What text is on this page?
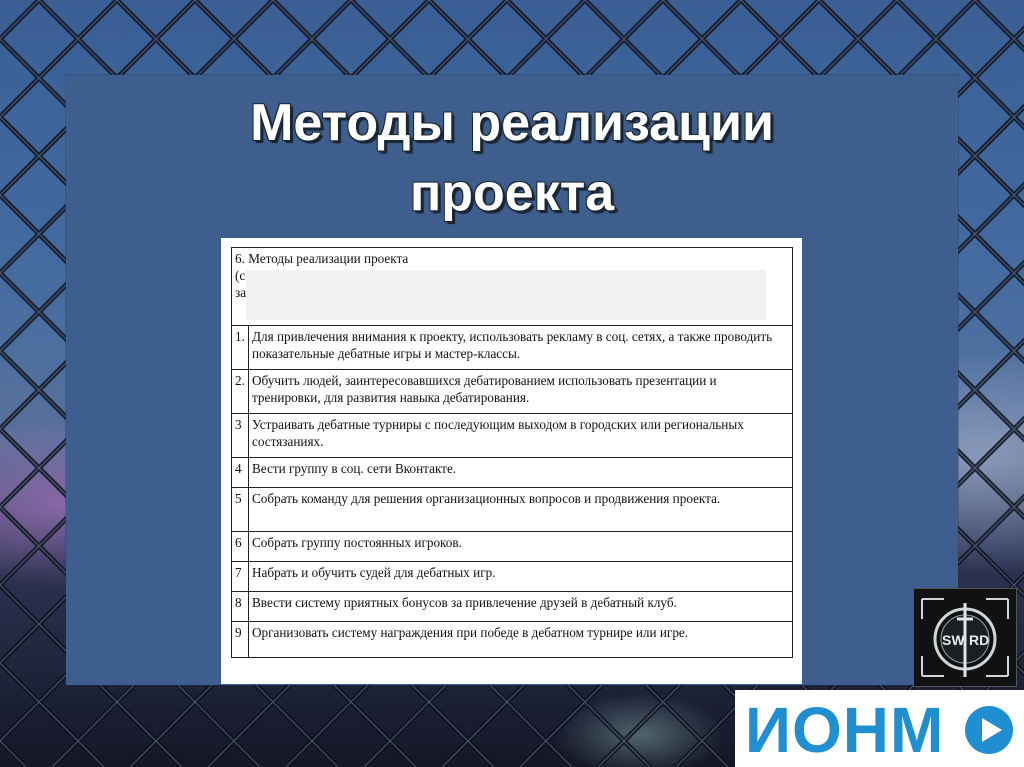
Методы реализации
проекта
6. Методы реализации проекта
(с
за	

1.	Для привлечения внимания к проекту, использовать рекламу в соц. сетях, а также проводить показательные дебатные игры и мастер-классы.
2.	Обучить людей, заинтересовавшихся дебатированием использовать презентации и тренировки, для развития навыка дебатирования.
3	Устраивать дебатные турниры с последующим выходом в городских или региональных состязаниях.
4	Вести группу в соц. сети Вконтакте.
5	Собрать команду для решения организационных вопросов и продвижения проекта.
6	Собрать группу постоянных игроков.
7	Набрать и обучить судей для дебатных игр.
8	Ввести систему приятных бонусов за привлечение друзей в дебатный клуб.
9	Организовать систему награждения при победе в дебатном турнире или игре.	SW RD
ИОНМ
